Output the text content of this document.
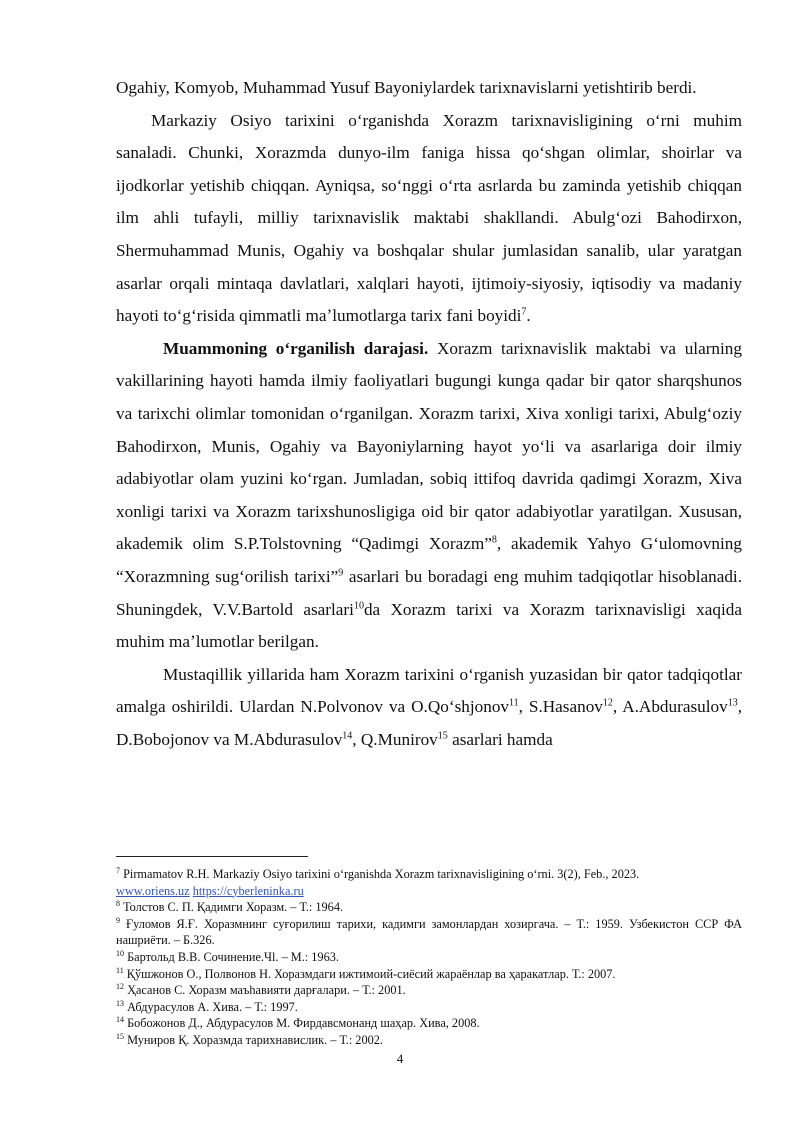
Ogahiy, Komyob, Muhammad Yusuf Bayoniylardek tarixnavislarni yetishtirib berdi.

Markaziy Osiyo tarixini oʻrganishda Xorazm tarixnavisligining oʻrni muhim sanaladi. Chunki, Xorazmda dunyo-ilm faniga hissa qoʻshgan olimlar, shoirlar va ijodkorlar yetishib chiqqan. Ayniqsa, soʻnggi oʻrta asrlarda bu zaminda yetishib chiqqan ilm ahli tufayli, milliy tarixnavislik maktabi shakllandi. Abulgʻozi Bahodirxon, Shermuhammad Munis, Ogahiy va boshqalar shular jumlasidan sanalib, ular yaratgan asarlar orqali mintaqa davlatlari, xalqlari hayoti, ijtimoiy-siyosiy, iqtisodiy va madaniy hayoti toʻgʻrisida qimmatli maʼlumotlarga tarix fani boyidi$^7$.

Muammoning oʻrganilish darajasi. Xorazm tarixnavislik maktabi va ularning vakillarining hayoti hamda ilmiy faoliyatlari bugungi kunga qadar bir qator sharqshunos va tarixchi olimlar tomonidan oʻrganilgan. Xorazm tarixi, Xiva xonligi tarixi, Abulgʻoziy Bahodirxon, Munis, Ogahiy va Bayoniylarning hayot yoʻli va asarlariga doir ilmiy adabiyotlar olam yuzini koʻrgan. Jumladan, sobiq ittifoq davrida qadimgi Xorazm, Xiva xonligi tarixi va Xorazm tarixshunosligiga oid bir qator adabiyotlar yaratilgan. Xususan, akademik olim S.P.Tolstovning “Qadimgi Xorazm”$^8$, akademik Yahyo Gʻulomovning “Xorazmning sugʻorilish tarixi”$^9$ asarlari bu boradagi eng muhim tadqiqotlar hisoblanadi. Shuningdek, V.V.Bartold asarlari$^{10}$da Xorazm tarixi va Xorazm tarixnavisligi xaqida muhim maʼlumotlar berilgan.

Mustaqillik yillarida ham Xorazm tarixini oʻrganish yuzasidan bir qator tadqiqotlar amalga oshirildi. Ulardan N.Polvonov va O.Qoʻshjonov$^{11}$, S.Hasanov$^{12}$, A.Abdurasulov$^{13}$, D.Bobojonov va M.Abdurasulov$^{14}$, Q.Munirov$^{15}$ asarlari hamda

$^7$ Pirmamatov R.H. Markaziy Osiyo tarixini oʻrganishda Xorazm tarixnavisligining oʻrni. 3(2), Feb., 2023.
www.oriens.uz https://cyberleninka.ru

$^8$ Толстов С. П. Қадимги Хоразм. – Т.: 1964.

$^9$ Ғуломов Я.Ғ. Хоразмнинг суғорилиш тарихи, кадимги замонлардан хозиргача. – Т.: 1959. Узбекистон ССР ФА нашриёти. – Б.326.

$^{10}$ Бартольд В.В. Сочинение.Чl. – М.: 1963.

$^{11}$ Қўшжонов О., Полвонов Н. Хоразмдаги ижтимоий-сиёсий жараёнлар ва ҳаракатлар. Т.: 2007.

$^{12}$ Ҳасанов С. Хоразм маъhавияти дарғалари. – Т.: 2001.

$^{13}$ Абдурасулов А. Хива. – Т.: 1997.

$^{14}$ Бобожонов Д., Абдурасулов М. Фирдавсмонанд шаҳар. Хива, 2008.

$^{15}$ Муниров Қ. Хоразмда тарихнавислик. – Т.: 2002.

4
